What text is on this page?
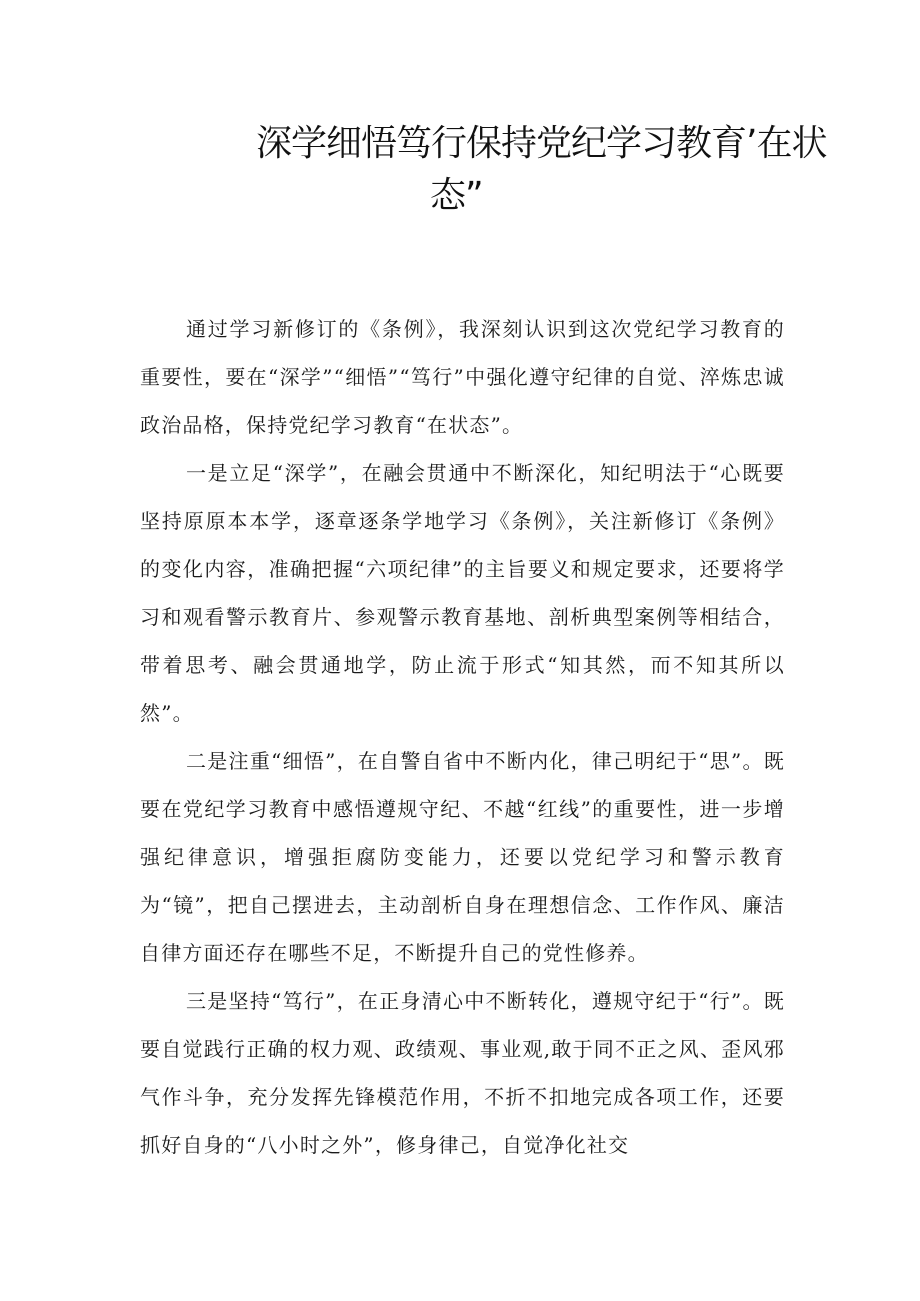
深学细悟笃行保持党纪学习教育’在状
态”

通过学习新修订的《条例》，我深刻认识到这次党纪学习教育的重要性，要在“深学”“细悟”“笃行”中强化遵守纪律的自觉、淬炼忠诚政治品格，保持党纪学习教育“在状态”。

一是立足“深学”，在融会贯通中不断深化，知纪明法于“心既要坚持原原本本学，逐章逐条学地学习《条例》，关注新修订《条例》的变化内容，准确把握“六项纪律”的主旨要义和规定要求，还要将学习和观看警示教育片、参观警示教育基地、剖析典型案例等相结合，带着思考、融会贯通地学，防止流于形式“知其然，而不知其所以然”。

二是注重“细悟”，在自警自省中不断内化，律己明纪于“思”。既要在党纪学习教育中感悟遵规守纪、不越“红线”的重要性，进一步增强纪律意识，增强拒腐防变能力，还要以党纪学习和警示教育为“镜”，把自己摆进去，主动剖析自身在理想信念、工作作风、廉洁自律方面还存在哪些不足，不断提升自己的党性修养。

三是坚持“笃行”，在正身清心中不断转化，遵规守纪于“行”。既要自觉践行正确的权力观、政绩观、事业观,敢于同不正之风、歪风邪气作斗争，充分发挥先锋模范作用，不折不扣地完成各项工作，还要抓好自身的“八小时之外”，修身律己，自觉净化社交
